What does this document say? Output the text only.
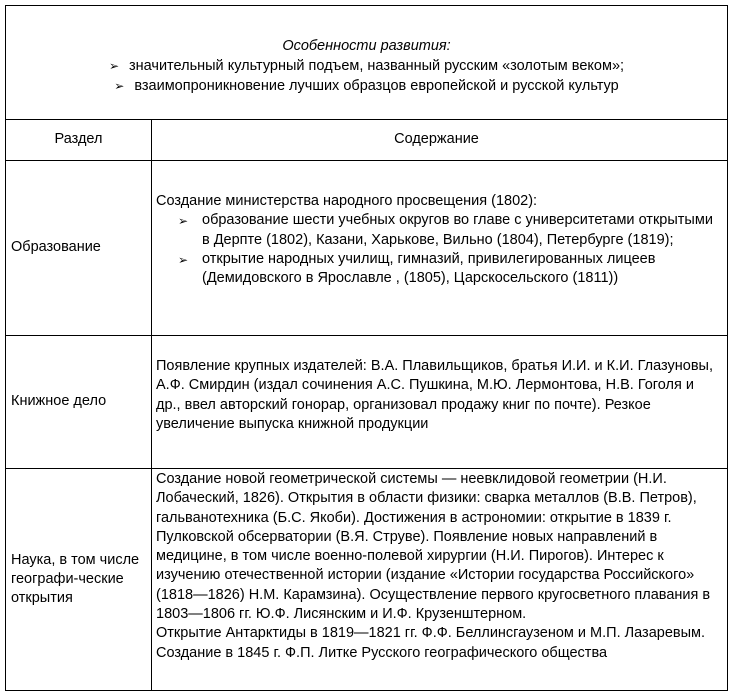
Особенности развития:
➢ значительный культурный подъем, названный русским «золотым веком»;
➢ взаимопроникновение лучших образцов европейской и русской культур
Раздел	Содержание
Образование
Создание министерства народного просвещения (1802):
➢ образование шести учебных округов во главе с университетами открытыми в Дерпте (1802), Казани, Харькове, Вильно (1804), Петербурге (1819);
➢ открытие народных училищ, гимназий, привилегированных лицеев (Демидовского в Ярославле , (1805), Царскосельского (1811))
Книжное дело
Появление крупных издателей: В.А. Плавильщиков, братья И.И. и К.И. Глазуновы, А.Ф. Смирдин (издал сочинения А.С. Пушкина, М.Ю. Лермонтова, Н.В. Гоголя и др., ввел авторский гонорар, организовал продажу книг по почте). Резкое увеличение выпуска книжной продукции
Наука, в том числе географи-ческие открытия
Создание новой геометрической системы — неевклидовой геометрии (Н.И. Лобаческий, 1826). Открытия в области физики: сварка металлов (В.В. Петров), гальванотехника (Б.С. Якоби). Достижения в астрономии: открытие в 1839 г. Пулковской обсерватории (В.Я. Струве). Появление новых направлений в медицине, в том числе военно-полевой хирургии (Н.И. Пирогов). Интерес к изучению отечественной истории (издание «Истории государства Российского» (1818—1826) Н.М. Карамзина). Осуществление первого кругосветного плавания в 1803—1806 гг. Ю.Ф. Лисянским и И.Ф. Крузенштерном.
Открытие Антарктиды в 1819—1821 гг. Ф.Ф. Беллинсгаузеном и М.П. Лазаревым. Создание в 1845 г. Ф.П. Литке Русского географического общества
